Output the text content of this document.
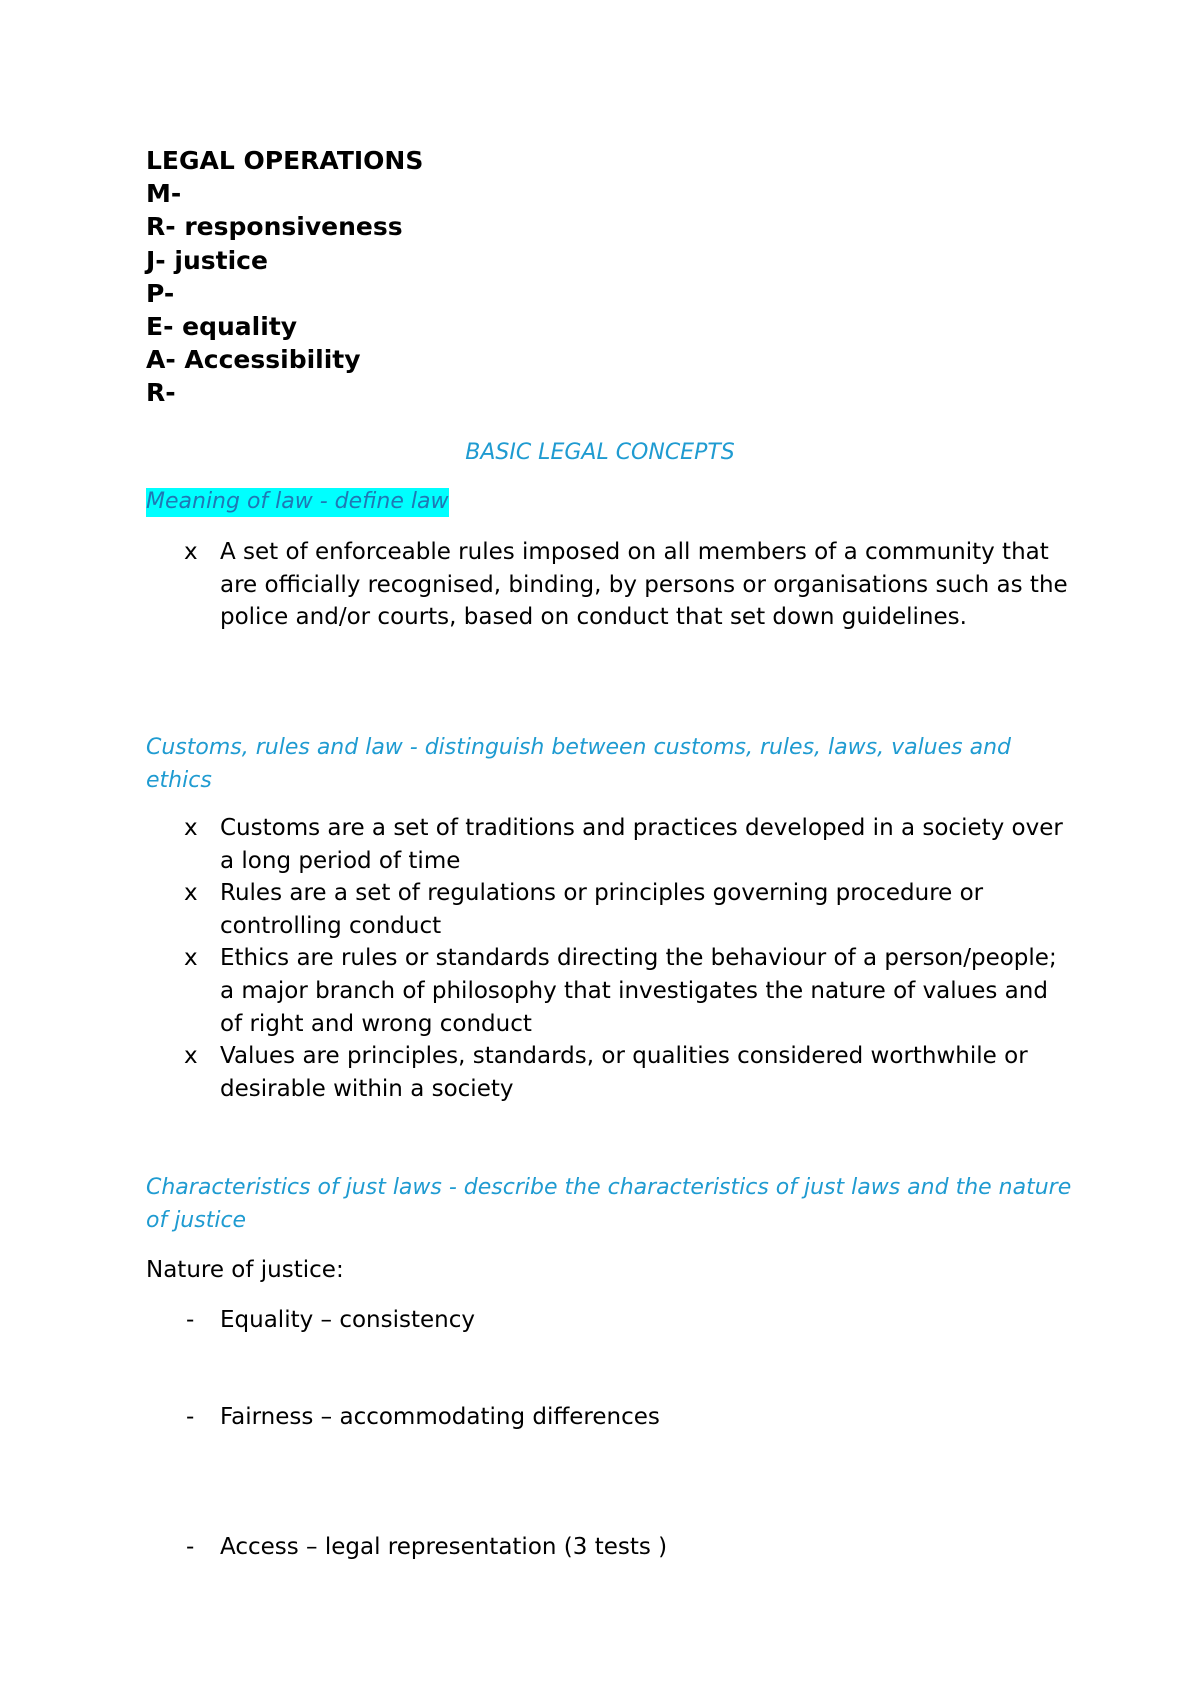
LEGAL OPERATIONS
M-
R- responsiveness
J- justice
P-
E- equality
A- Accessibility
R-
BASIC LEGAL CONCEPTS
Meaning of law - define law
x A set of enforceable rules imposed on all members of a community that are officially recognised, binding, by persons or organisations such as the police and/or courts, based on conduct that set down guidelines.
Customs, rules and law - distinguish between customs, rules, laws, values and ethics
x Customs are a set of traditions and practices developed in a society over a long period of time
x Rules are a set of regulations or principles governing procedure or controlling conduct
x Ethics are rules or standards directing the behaviour of a person/people; a major branch of philosophy that investigates the nature of values and of right and wrong conduct
x Values are principles, standards, or qualities considered worthwhile or desirable within a society
Characteristics of just laws - describe the characteristics of just laws and the nature of justice
Nature of justice:
-	Equality – consistency
-	Fairness – accommodating differences
-	Access – legal representation (3 tests )
